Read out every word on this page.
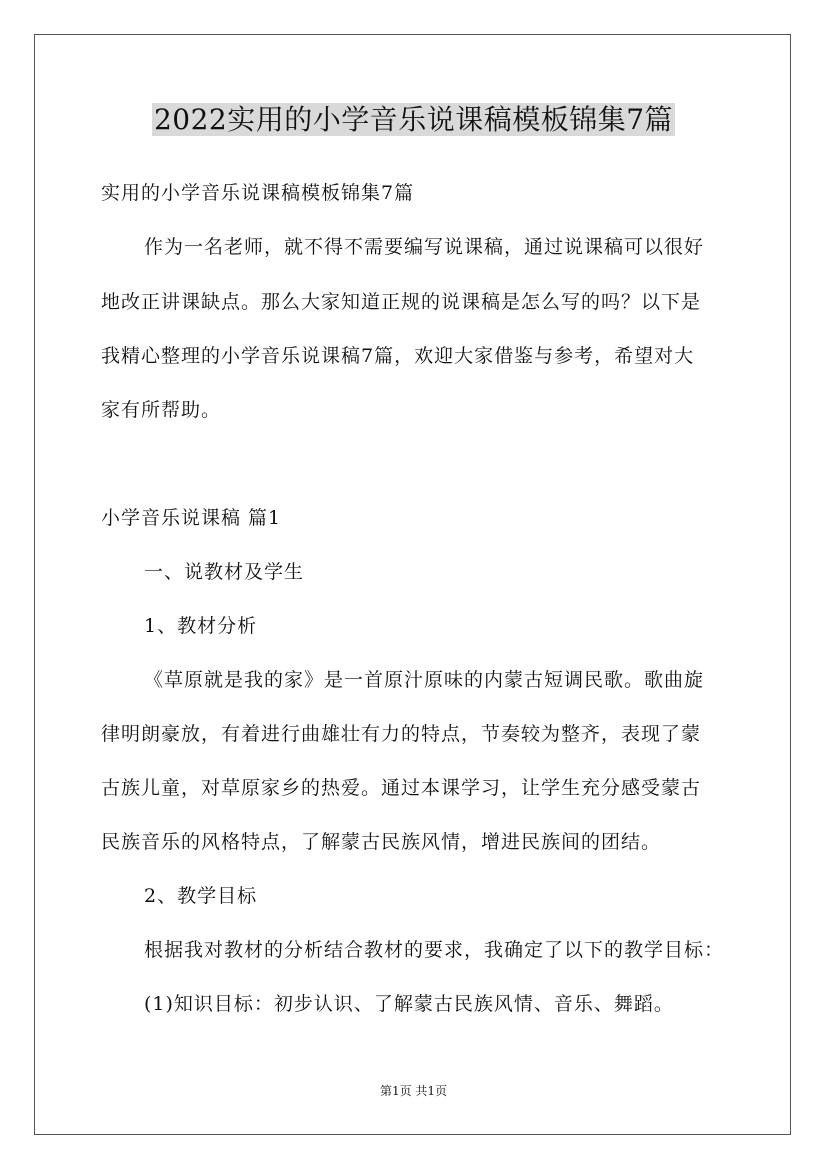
2022实用的小学音乐说课稿模板锦集7篇
实用的小学音乐说课稿模板锦集7篇
作为一名老师，就不得不需要编写说课稿，通过说课稿可以很好
地改正讲课缺点。那么大家知道正规的说课稿是怎么写的吗？以下是
我精心整理的小学音乐说课稿7篇，欢迎大家借鉴与参考，希望对大
家有所帮助。
小学音乐说课稿 篇1
一、说教材及学生
1、教材分析
《草原就是我的家》是一首原汁原味的内蒙古短调民歌。歌曲旋
律明朗豪放，有着进行曲雄壮有力的特点，节奏较为整齐，表现了蒙
古族儿童，对草原家乡的热爱。通过本课学习，让学生充分感受蒙古
民族音乐的风格特点，了解蒙古民族风情，增进民族间的团结。
2、教学目标
根据我对教材的分析结合教材的要求，我确定了以下的教学目标：
(1)知识目标：初步认识、了解蒙古民族风情、音乐、舞蹈。
第1页 共1页
